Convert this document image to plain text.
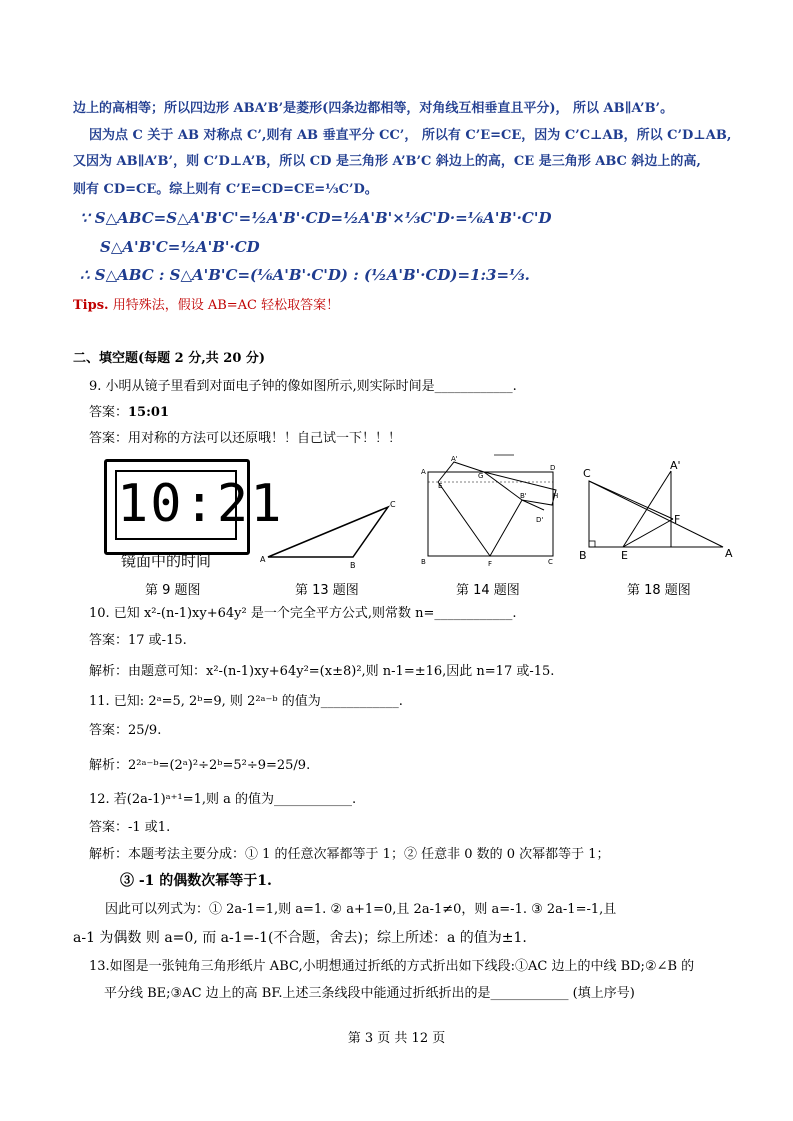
边上的高相等；所以四边形 ABA’B’是菱形(四条边都相等，对角线互相垂直且平分)， 所以 AB∥A’B’。
因为点 C 关于 AB 对称点 C’,则有 AB 垂直平分 CC’， 所以有 C’E=CE，因为 C’C⊥AB，所以 C’D⊥AB,
又因为 AB∥A’B’，则 C’D⊥A’B，所以 CD 是三角形 A’B’C 斜边上的高，CE 是三角形 ABC 斜边上的高,
则有 CD=CE。综上则有 C’E=CD=CE=⅓C’D。
∵ S△ABC=S△A'B'C'=½A'B'·CD=½A'B'×⅓C'D·=⅙A'B'·C'D
S△A'B'C=½A'B'·CD
∴ S△ABC : S△A'B'C=(⅙A'B'·C'D) : (½A'B'·CD)=1:3=⅓.
Tips. 用特殊法，假设 AB=AC 轻松取答案！
二、填空题(每题 2 分,共 20 分)
9. 小明从镜子里看到对面电子钟的像如图所示,则实际时间是____________.
答案：15:01
答案：用对称的方法可以还原哦！！自己试一下！！！
10:21
镜面中的时间	A
B
C
A
A'
G
D
E
B'	H
D'
B	F	C
C
A'
F
B	E	A
第 9 题图	第 13 题图	第 14 题图	第 18 题图
10. 已知 x²-(n-1)xy+64y² 是一个完全平方公式,则常数 n=____________.
答案：17 或-15.
解析：由题意可知：x²-(n-1)xy+64y²=(x±8)²,则 n-1=±16,因此 n=17 或-15.
11. 已知: 2ᵃ=5, 2ᵇ=9, 则 2²ᵃ⁻ᵇ 的值为____________.
答案：25/9.
解析：2²ᵃ⁻ᵇ=(2ᵃ)²÷2ᵇ=5²÷9=25/9.
12. 若(2a-1)ᵃ⁺¹=1,则 a 的值为____________.
答案：-1 或1.
解析：本题考法主要分成：① 1 的任意次幂都等于 1；② 任意非 0 数的 0 次幂都等于 1；
③ -1 的偶数次幂等于1.
因此可以列式为：① 2a-1=1,则 a=1. ② a+1=0,且 2a-1≠0，则 a=-1. ③ 2a-1=-1,且
a-1 为偶数 则 a=0, 而 a-1=-1(不合题，舍去)；综上所述：a 的值为±1.
13.如图是一张钝角三角形纸片 ABC,小明想通过折纸的方式折出如下线段:①AC 边上的中线 BD;②∠B 的
平分线 BE;③AC 边上的高 BF.上述三条线段中能通过折纸折出的是____________ (填上序号)
第 3 页 共 12 页
